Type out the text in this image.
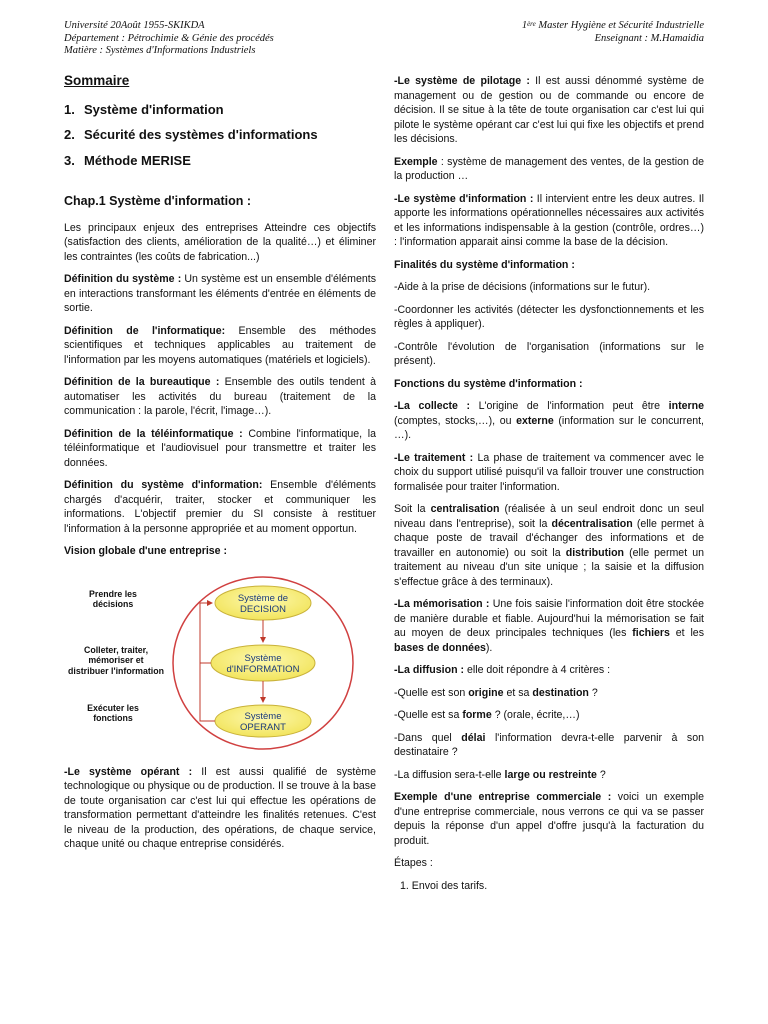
Université 20Août 1955-SKIKDA
Département : Pétrochimie & Génie des procédés
Matière : Systèmes d'Informations Industriels
1ère Master Hygiène et Sécurité Industrielle
Enseignant : M.Hamaidia
Sommaire
1. Système d'information
2. Sécurité des systèmes d'informations
3. Méthode MERISE
Chap.1 Système d'information :

Les principaux enjeux des entreprises Atteindre ces objectifs (satisfaction des clients, amélioration de la qualité…) et éliminer les contraintes (les coûts de fabrication...)

Définition du système : Un système est un ensemble d'éléments en interactions transformant les éléments d'entrée en éléments de sortie.

Définition de l'informatique: Ensemble des méthodes scientifiques et techniques applicables au traitement de l'information par les moyens automatiques (matériels et logiciels).

Définition de la bureautique : Ensemble des outils tendent à automatiser les activités du bureau (traitement de la communication : la parole, l'écrit, l'image…).

Définition de la téléinformatique : Combine l'informatique, la téléinformatique et l'audiovisuel pour transmettre et traiter les données.

Définition du système d'information: Ensemble d'éléments chargés d'acquérir, traiter, stocker et communiquer les informations. L'objectif premier du SI consiste à restituer l'information à la personne appropriée et au moment opportun.

Vision globale d'une entreprise :

Système de
DECISION
Système
d'INFORMATION
Système
OPERANT
Prendre les
décisions
Colleter, traiter,
mémoriser et
distribuer l'information
Exécuter les
fonctions

-Le système opérant : Il est aussi qualifié de système technologique ou physique ou de production. Il se trouve à la base de toute organisation car c'est lui qui effectue les opérations de transformation permettant d'atteindre les finalités retenues. C'est le niveau de la production, des opérations, de chaque service, chaque unité ou chaque entreprise considérés.

-Le système de pilotage : Il est aussi dénommé système de management ou de gestion ou de commande ou encore de décision. Il se situe à la tête de toute organisation car c'est lui qui pilote le système opérant car c'est lui qui fixe les objectifs et prend les décisions.

Exemple : système de management des ventes, de la gestion de la production …

-Le système d'information : Il intervient entre les deux autres. Il apporte les informations opérationnelles nécessaires aux activités et les informations indispensable à la gestion (contrôle, ordres…) : l'information apparait ainsi comme la base de la décision.

Finalités du système d'information :

-Aide à la prise de décisions (informations sur le futur).

-Coordonner les activités (détecter les dysfonctionnements et les règles à appliquer).

-Contrôle l'évolution de l'organisation (informations sur le présent).

Fonctions du système d'information :

-La collecte : L'origine de l'information peut être interne (comptes, stocks,…), ou externe (information sur le concurrent, …).

-Le traitement : La phase de traitement va commencer avec le choix du support utilisé puisqu'il va falloir trouver une construction formalisée pour traiter l'information.

Soit la centralisation (réalisée à un seul endroit donc un seul niveau dans l'entreprise), soit la décentralisation (elle permet à chaque poste de travail d'échanger des informations et de travailler en autonomie) ou soit la distribution (elle permet un traitement au niveau d'un site unique ; la saisie et la diffusion s'effectue grâce à des terminaux).

-La mémorisation : Une fois saisie l'information doit être stockée de manière durable et fiable. Aujourd'hui la mémorisation se fait au moyen de deux principales techniques (les fichiers et les bases de données).

-La diffusion : elle doit répondre à 4 critères :

-Quelle est son origine et sa destination ?

-Quelle est sa forme ? (orale, écrite,…)

-Dans quel délai l'information devra-t-elle parvenir à son destinataire ?

-La diffusion sera-t-elle large ou restreinte ?

Exemple d'une entreprise commerciale : voici un exemple d'une entreprise commerciale, nous verrons ce qui va se passer depuis la réponse d'un appel d'offre jusqu'à la facturation du produit.

Étapes :

1. Envoi des tarifs.
